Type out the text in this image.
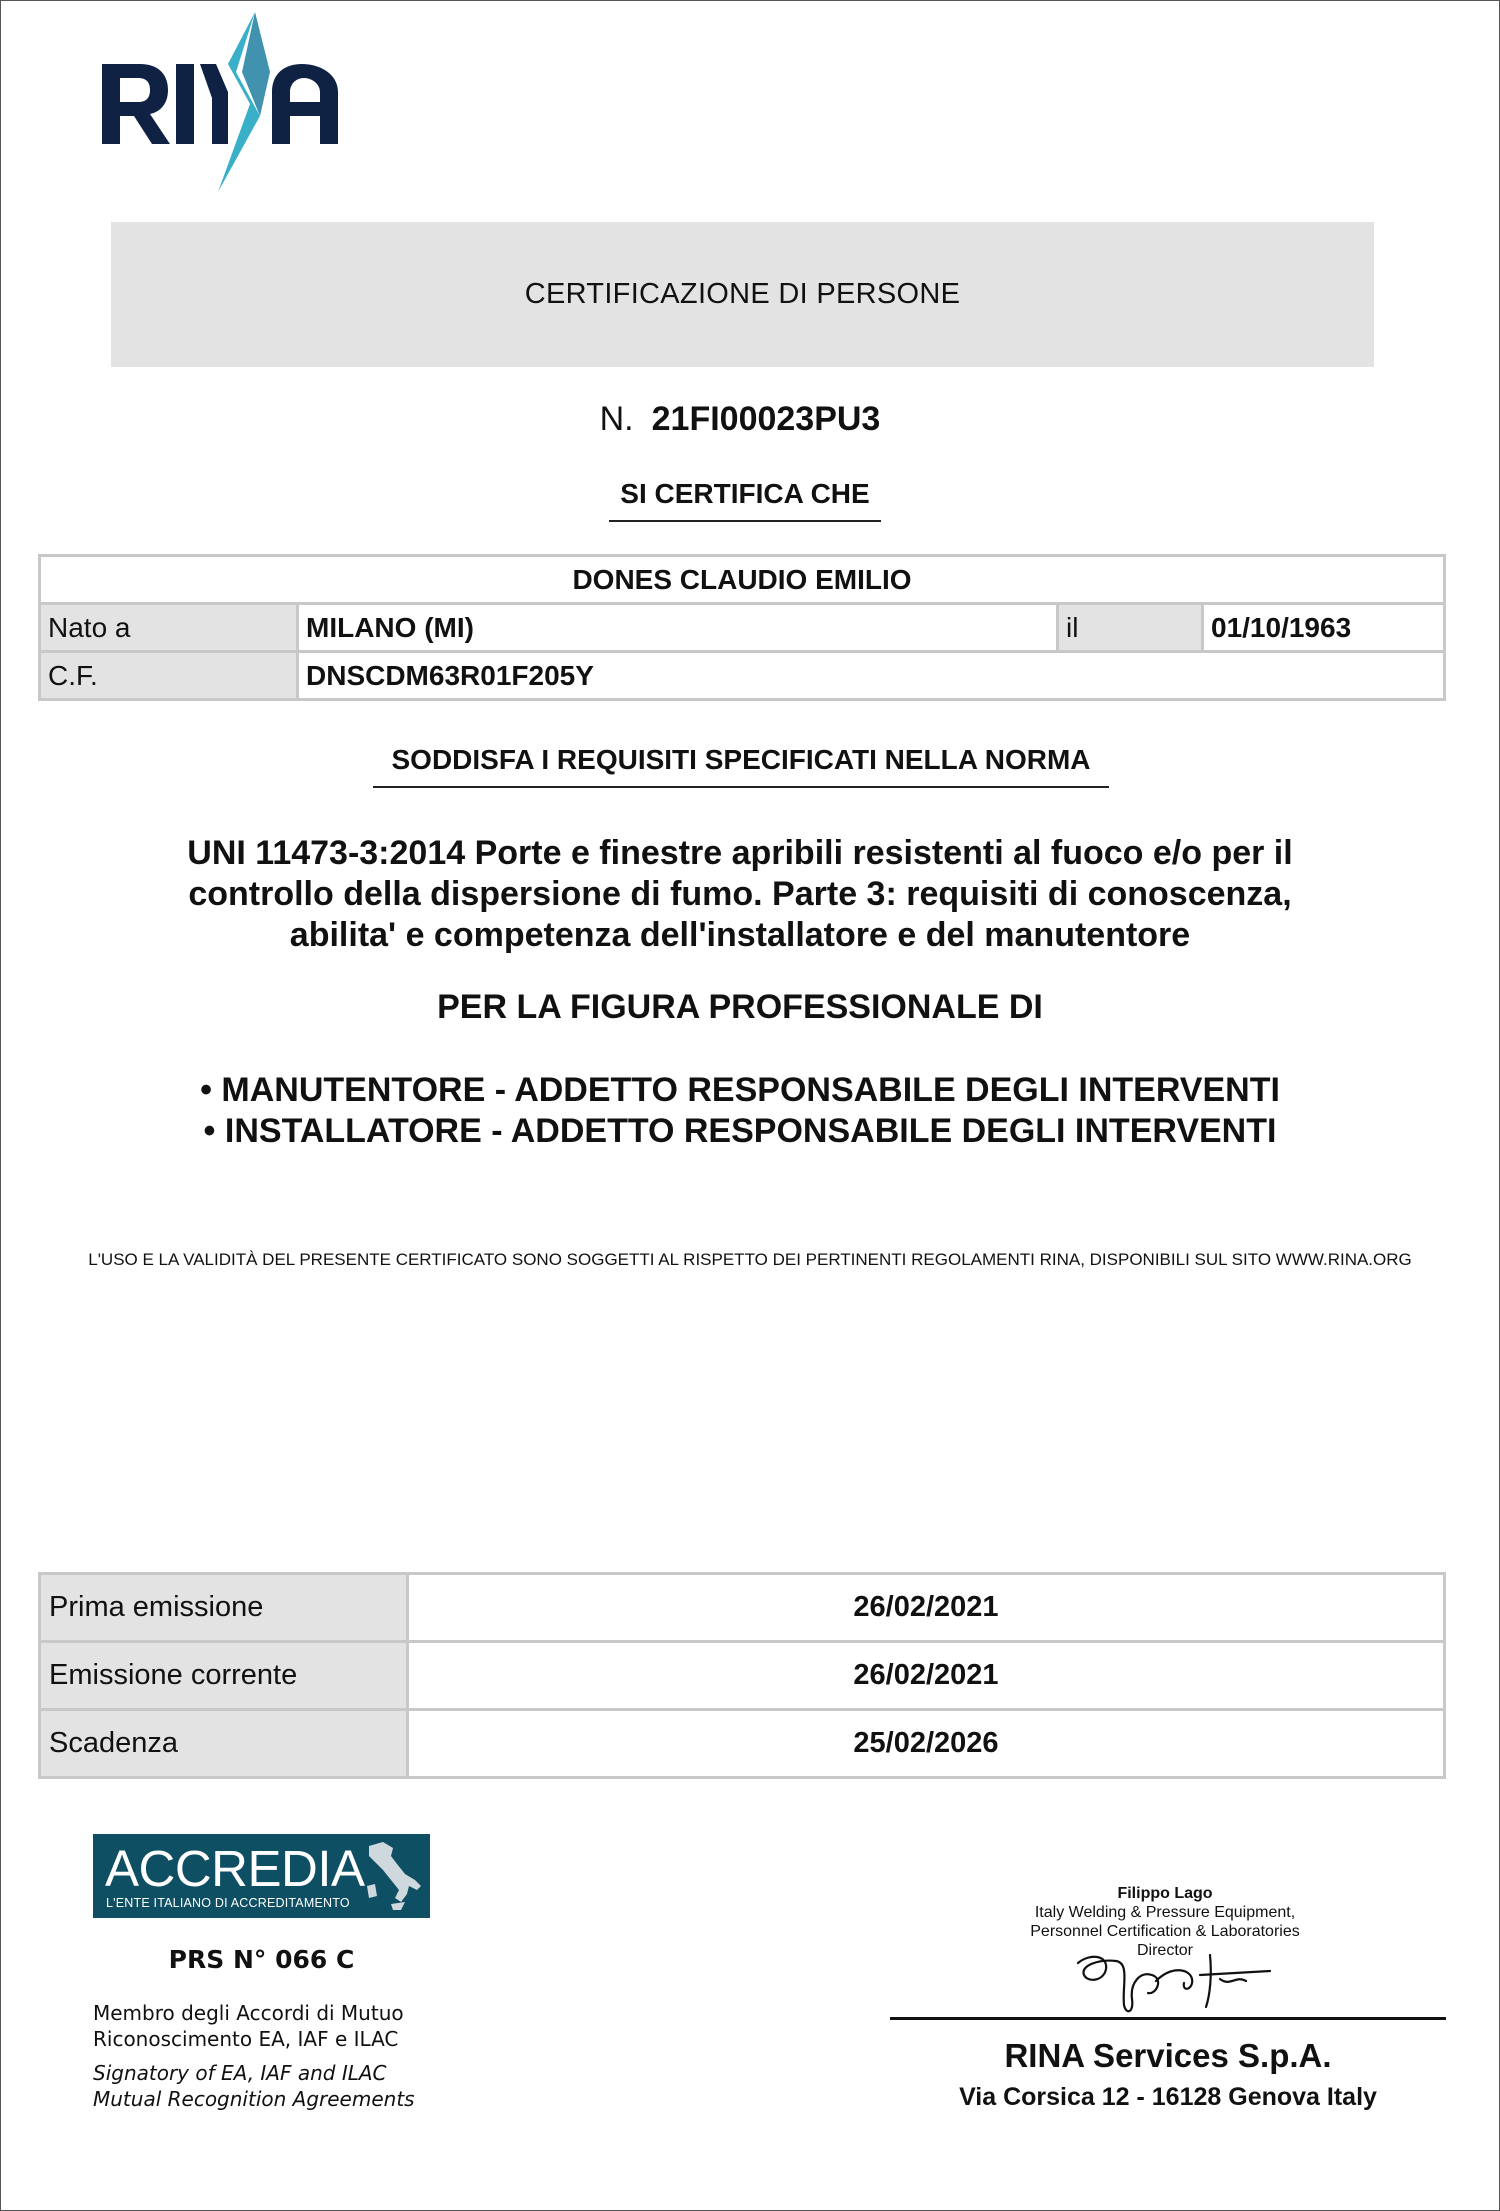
CERTIFICAZIONE DI PERSONE
N. 21FI00023PU3
SI CERTIFICA CHE
DONES CLAUDIO EMILIO			
Nato a	MILANO (MI)	il	01/10/1963
C.F.	DNSCDM63R01F205Y		
SODDISFA I REQUISITI SPECIFICATI NELLA NORMA
UNI 11473-3:2014 Porte e finestre apribili resistenti al fuoco e/o per il
controllo della dispersione di fumo. Parte 3: requisiti di conoscenza,
abilita' e competenza dell'installatore e del manutentore
PER LA FIGURA PROFESSIONALE DI
• MANUTENTORE - ADDETTO RESPONSABILE DEGLI INTERVENTI
• INSTALLATORE - ADDETTO RESPONSABILE DEGLI INTERVENTI
L'USO E LA VALIDITÀ DEL PRESENTE CERTIFICATO SONO SOGGETTI AL RISPETTO DEI PERTINENTI REGOLAMENTI RINA, DISPONIBILI SUL SITO WWW.RINA.ORG
Prima emissione	26/02/2021
Emissione corrente	26/02/2021
Scadenza	25/02/2026
ACCREDIA
L'ENTE ITALIANO DI ACCREDITAMENTO
PRS N° 066 C
Membro degli Accordi di Mutuo
Riconoscimento EA, IAF e ILAC
Signatory of EA, IAF and ILAC
Mutual Recognition Agreements
Filippo Lago
Italy Welding & Pressure Equipment,
Personnel Certification & Laboratories
Director
RINA Services S.p.A.
Via Corsica 12 - 16128 Genova Italy
